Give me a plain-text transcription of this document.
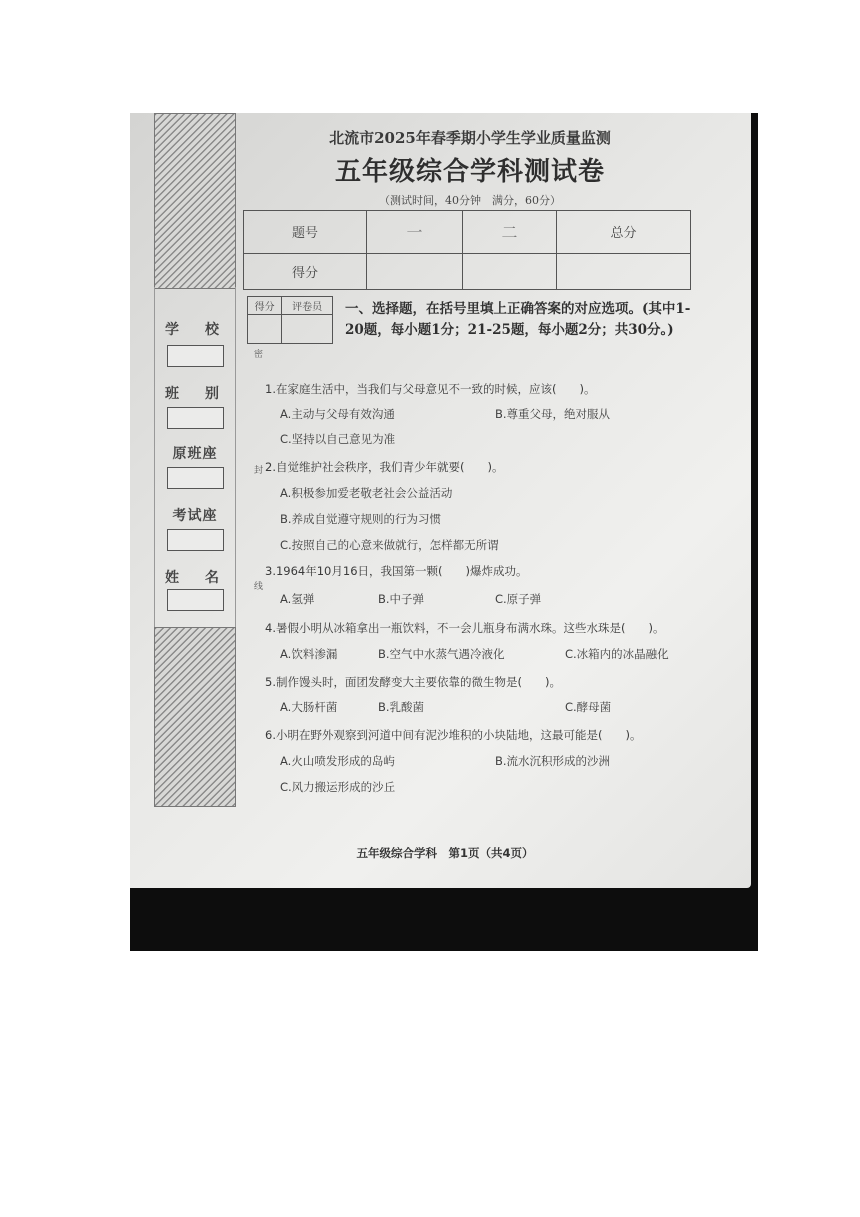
学　校
班　别
原班座
考试座
姓　名
密
封
线
北流市2025年春季期小学生学业质量监测
五年级综合学科测试卷
（测试时间，40分钟　满分，60分）
题号	一	二	总分
得分			
得分	评卷员
	一、选择题，在括号里填上正确答案的对应选项。(其中1-20题，每小题1分；21-25题，每小题2分；共30分。)
1.在家庭生活中，当我们与父母意见不一致的时候，应该(　　)。
A.主动与父母有效沟通	B.尊重父母，绝对服从
C.坚持以自己意见为准
2.自觉维护社会秩序，我们青少年就要(　　)。
A.积极参加爱老敬老社会公益活动
B.养成自觉遵守规则的行为习惯
C.按照自己的心意来做就行，怎样都无所谓
3.1964年10月16日，我国第一颗(　　)爆炸成功。
A.氢弹	B.中子弹	C.原子弹
4.暑假小明从冰箱拿出一瓶饮料，不一会儿瓶身布满水珠。这些水珠是(　　)。
A.饮料渗漏	B.空气中水蒸气遇冷液化	C.冰箱内的冰晶融化
5.制作馒头时，面团发酵变大主要依靠的微生物是(　　)。
A.大肠杆菌	B.乳酸菌	C.酵母菌
6.小明在野外观察到河道中间有泥沙堆积的小块陆地，这最可能是(　　)。
A.火山喷发形成的岛屿	B.流水沉积形成的沙洲
C.风力搬运形成的沙丘
五年级综合学科　第1页（共4页）
